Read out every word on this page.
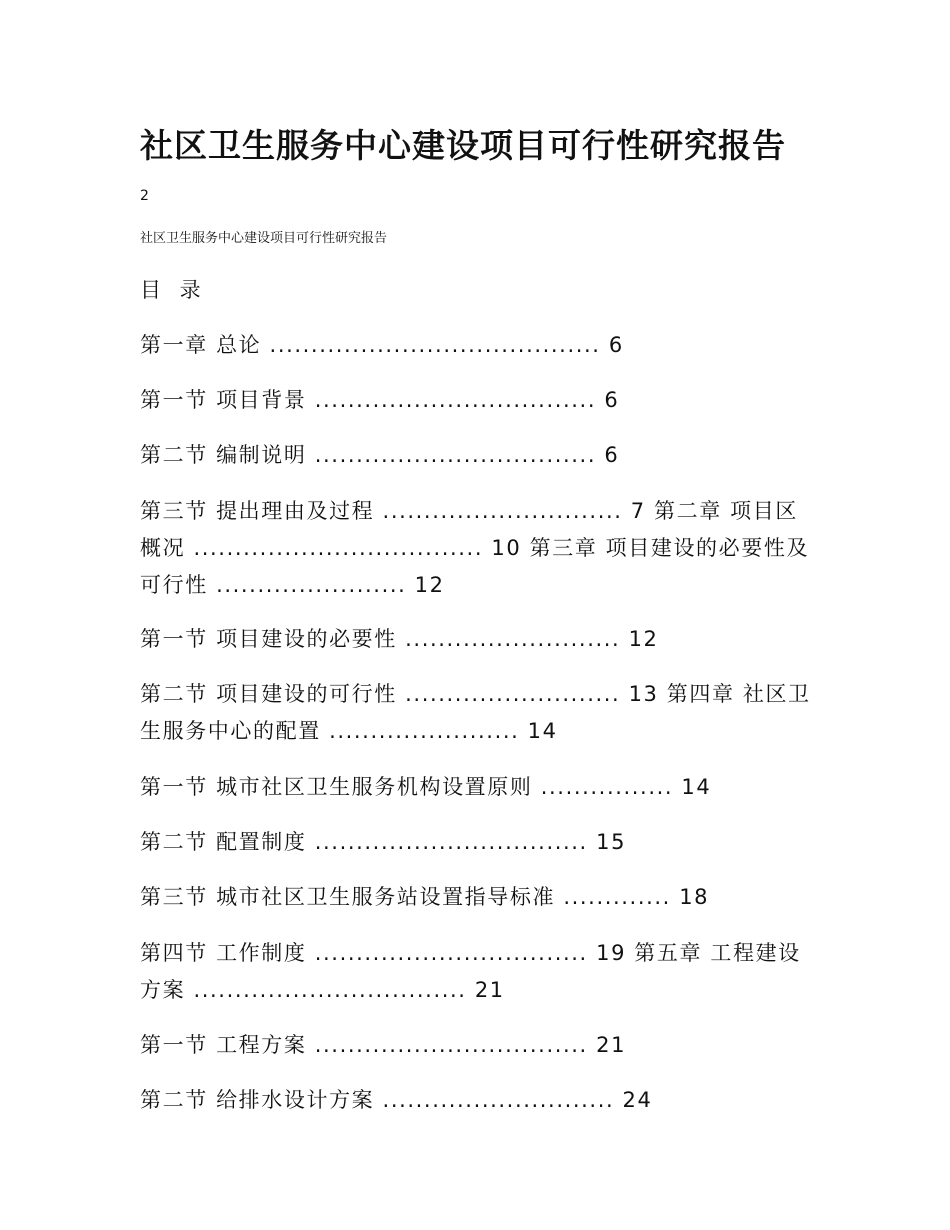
社区卫生服务中心建设项目可行性研究报告
2
社区卫生服务中心建设项目可行性研究报告
目 录

第一章 总论 ........................................ 6

第一节 项目背景 .................................. 6

第二节 编制说明 .................................. 6

第三节 提出理由及过程 ............................. 7 第二章 项目区概况 ................................... 10 第三章 项目建设的必要性及可行性 ....................... 12

第一节 项目建设的必要性 .......................... 12

第二节 项目建设的可行性 .......................... 13 第四章 社区卫生服务中心的配置 ....................... 14

第一节 城市社区卫生服务机构设置原则 ................ 14

第二节 配置制度 ................................. 15

第三节 城市社区卫生服务站设置指导标准 ............. 18

第四节 工作制度 ................................. 19 第五章 工程建设方案 ................................. 21

第一节 工程方案 ................................. 21

第二节 给排水设计方案 ............................ 24
